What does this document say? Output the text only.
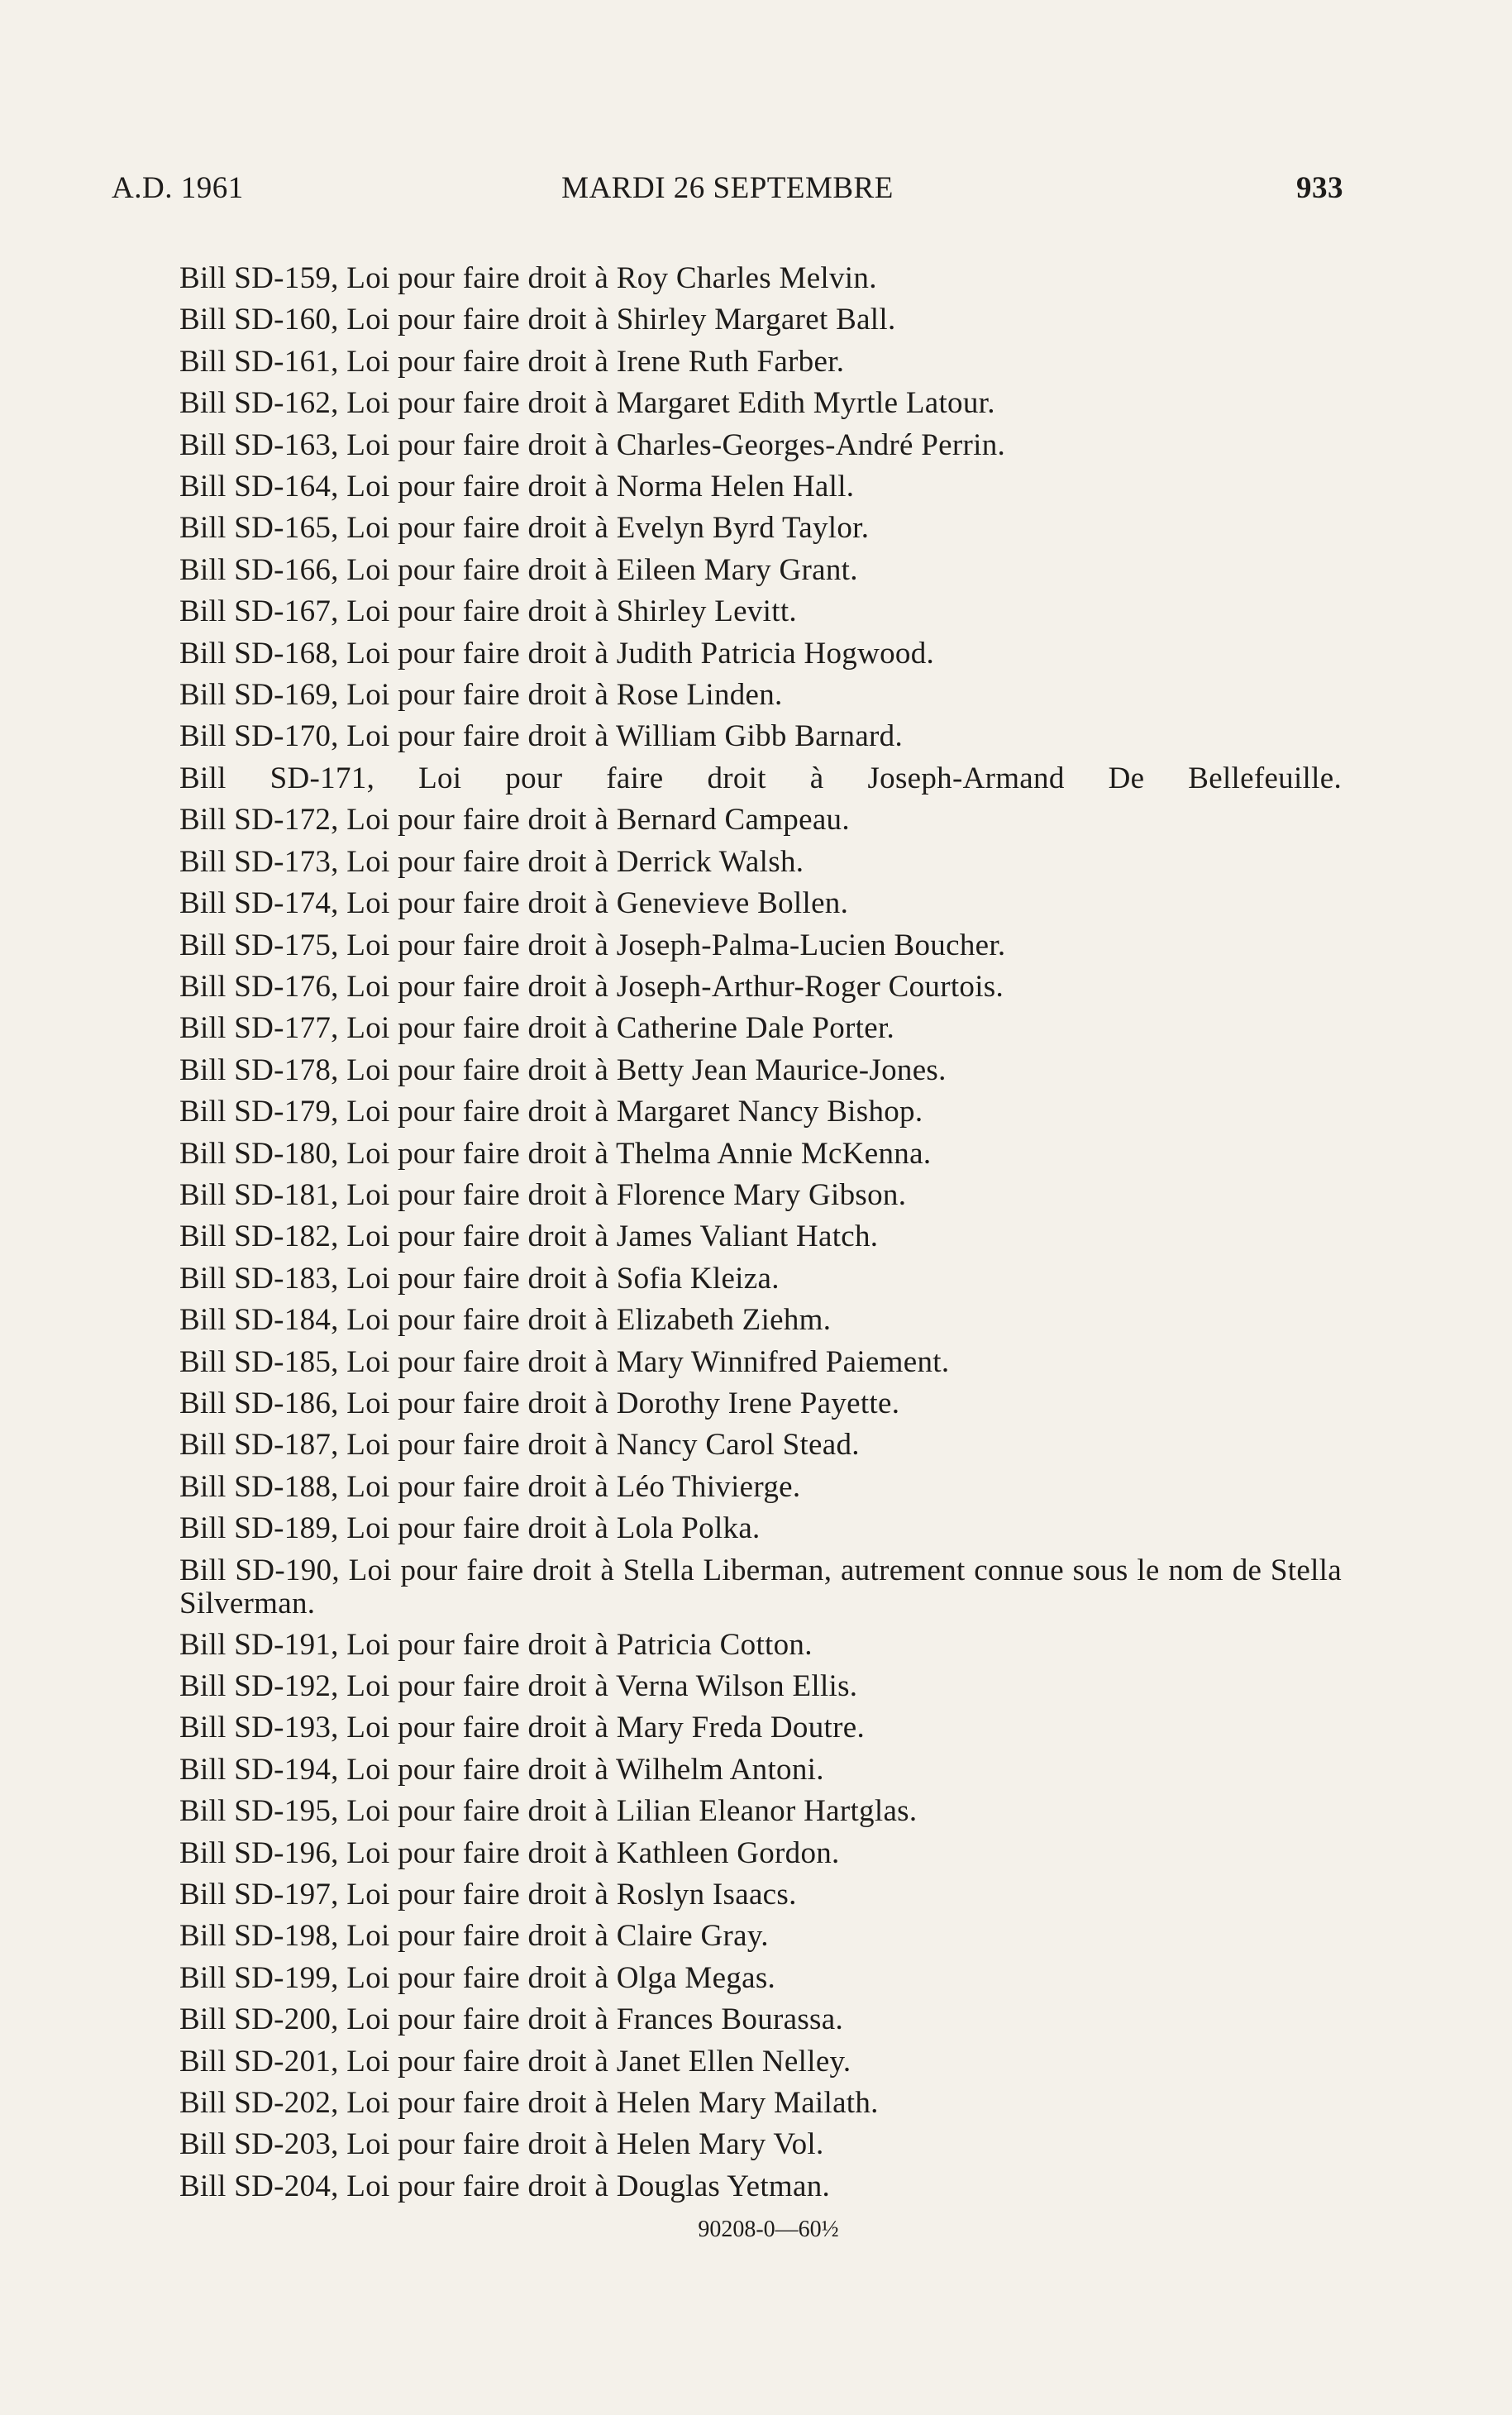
A.D. 1961	MARDI 26 SEPTEMBRE	933
Bill SD-159, Loi pour faire droit à Roy Charles Melvin.
Bill SD-160, Loi pour faire droit à Shirley Margaret Ball.
Bill SD-161, Loi pour faire droit à Irene Ruth Farber.
Bill SD-162, Loi pour faire droit à Margaret Edith Myrtle Latour.
Bill SD-163, Loi pour faire droit à Charles-Georges-André Perrin.
Bill SD-164, Loi pour faire droit à Norma Helen Hall.
Bill SD-165, Loi pour faire droit à Evelyn Byrd Taylor.
Bill SD-166, Loi pour faire droit à Eileen Mary Grant.
Bill SD-167, Loi pour faire droit à Shirley Levitt.
Bill SD-168, Loi pour faire droit à Judith Patricia Hogwood.
Bill SD-169, Loi pour faire droit à Rose Linden.
Bill SD-170, Loi pour faire droit à William Gibb Barnard.
Bill SD-171, Loi pour faire droit à Joseph-Armand De Bellefeuille.
Bill SD-172, Loi pour faire droit à Bernard Campeau.
Bill SD-173, Loi pour faire droit à Derrick Walsh.
Bill SD-174, Loi pour faire droit à Genevieve Bollen.
Bill SD-175, Loi pour faire droit à Joseph-Palma-Lucien Boucher.
Bill SD-176, Loi pour faire droit à Joseph-Arthur-Roger Courtois.
Bill SD-177, Loi pour faire droit à Catherine Dale Porter.
Bill SD-178, Loi pour faire droit à Betty Jean Maurice-Jones.
Bill SD-179, Loi pour faire droit à Margaret Nancy Bishop.
Bill SD-180, Loi pour faire droit à Thelma Annie McKenna.
Bill SD-181, Loi pour faire droit à Florence Mary Gibson.
Bill SD-182, Loi pour faire droit à James Valiant Hatch.
Bill SD-183, Loi pour faire droit à Sofia Kleiza.
Bill SD-184, Loi pour faire droit à Elizabeth Ziehm.
Bill SD-185, Loi pour faire droit à Mary Winnifred Paiement.
Bill SD-186, Loi pour faire droit à Dorothy Irene Payette.
Bill SD-187, Loi pour faire droit à Nancy Carol Stead.
Bill SD-188, Loi pour faire droit à Léo Thivierge.
Bill SD-189, Loi pour faire droit à Lola Polka.
Bill SD-190, Loi pour faire droit à Stella Liberman, autrement connue sous le nom de Stella Silverman.
Bill SD-191, Loi pour faire droit à Patricia Cotton.
Bill SD-192, Loi pour faire droit à Verna Wilson Ellis.
Bill SD-193, Loi pour faire droit à Mary Freda Doutre.
Bill SD-194, Loi pour faire droit à Wilhelm Antoni.
Bill SD-195, Loi pour faire droit à Lilian Eleanor Hartglas.
Bill SD-196, Loi pour faire droit à Kathleen Gordon.
Bill SD-197, Loi pour faire droit à Roslyn Isaacs.
Bill SD-198, Loi pour faire droit à Claire Gray.
Bill SD-199, Loi pour faire droit à Olga Megas.
Bill SD-200, Loi pour faire droit à Frances Bourassa.
Bill SD-201, Loi pour faire droit à Janet Ellen Nelley.
Bill SD-202, Loi pour faire droit à Helen Mary Mailath.
Bill SD-203, Loi pour faire droit à Helen Mary Vol.
Bill SD-204, Loi pour faire droit à Douglas Yetman.
90208-0—60½
